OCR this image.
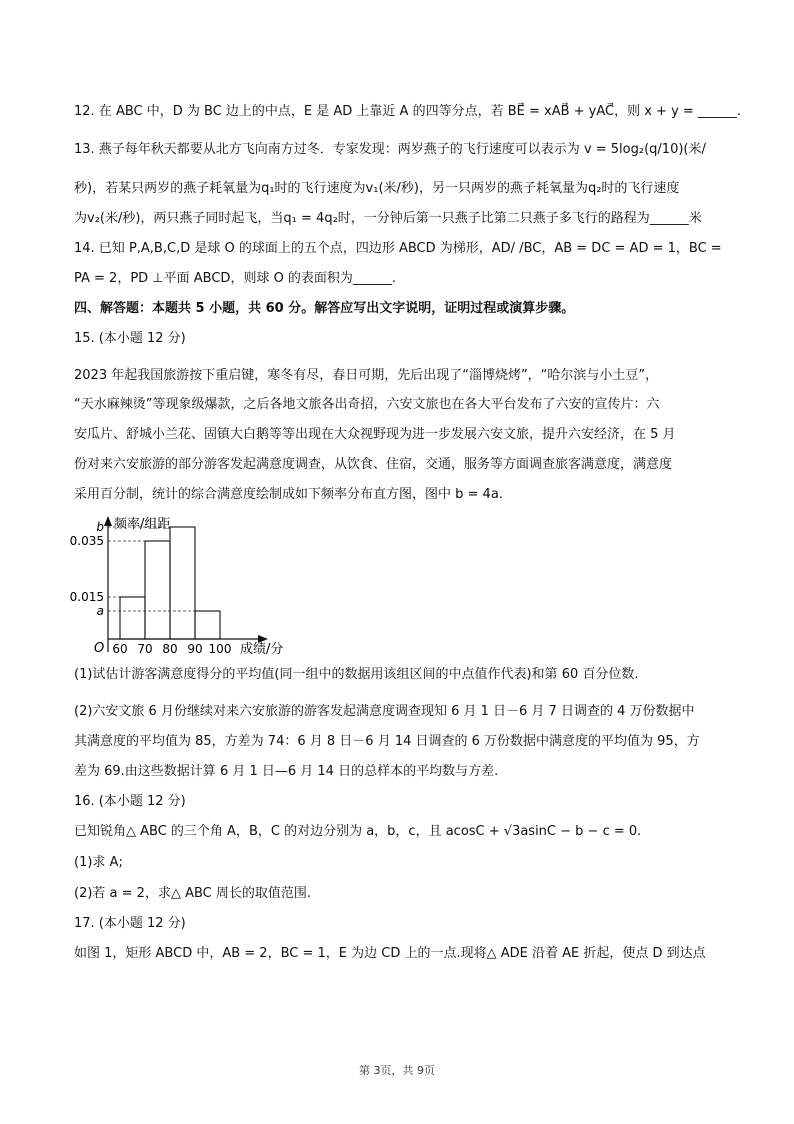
12. 在 ABC 中，D 为 BC 边上的中点，E 是 AD 上靠近 A 的四等分点，若 BE⃗ = xAB⃗ + yAC⃗，则 x + y = ______.
13. 燕子每年秋天都要从北方飞向南方过冬．专家发现：两岁燕子的飞行速度可以表示为 v = 5log₂(q/10)(米/
秒)，若某只两岁的燕子耗氧量为q₁时的飞行速度为v₁(米/秒)，另一只两岁的燕子耗氧量为q₂时的飞行速度
为v₂(米/秒)，两只燕子同时起飞，当q₁ = 4q₂时，一分钟后第一只燕子比第二只燕子多飞行的路程为______米
14. 已知 P,A,B,C,D 是球 O 的球面上的五个点，四边形 ABCD 为梯形，AD/ /BC，AB = DC = AD = 1，BC =
PA = 2，PD ⊥平面 ABCD，则球 O 的表面积为______.
四、解答题：本题共 5 小题，共 60 分。解答应写出文字说明，证明过程或演算步骤。
15. (本小题 12 分)
2023 年起我国旅游按下重启键，寒冬有尽，春日可期，先后出现了“淄博烧烤”，“哈尔滨与小土豆”，
“天水麻辣烫”等现象级爆款，之后各地文旅各出奇招，六安文旅也在各大平台发布了六安的宣传片：六
安瓜片、舒城小兰花、固镇大白鹅等等出现在大众视野现为进一步发展六安文旅，提升六安经济，在 5 月
份对来六安旅游的部分游客发起满意度调查，从饮食、住宿，交通，服务等方面调查旅客满意度，满意度
采用百分制，统计的综合满意度绘制成如下频率分布直方图，图中 b = 4a.
频率/组距
成绩/分
O
0.015
0.035
b
a
60 70 80 90 100
(1)试估计游客满意度得分的平均值(同一组中的数据用该组区间的中点值作代表)和第 60 百分位数.
(2)六安文旅 6 月份继续对来六安旅游的游客发起满意度调查现知 6 月 1 日－6 月 7 日调查的 4 万份数据中
其满意度的平均值为 85，方差为 74：6 月 8 日－6 月 14 日调查的 6 万份数据中满意度的平均值为 95，方
差为 69.由这些数据计算 6 月 1 日—6 月 14 日的总样本的平均数与方差.
16. (本小题 12 分)
已知锐角△ ABC 的三个角 A，B，C 的对边分别为 a，b，c，且 acosC + √3asinC − b − c = 0.
(1)求 A;
(2)若 a = 2，求△ ABC 周长的取值范围.
17. (本小题 12 分)
如图 1，矩形 ABCD 中，AB = 2，BC = 1，E 为边 CD 上的一点.现将△ ADE 沿着 AE 折起，使点 D 到达点
第 3页，共 9页
